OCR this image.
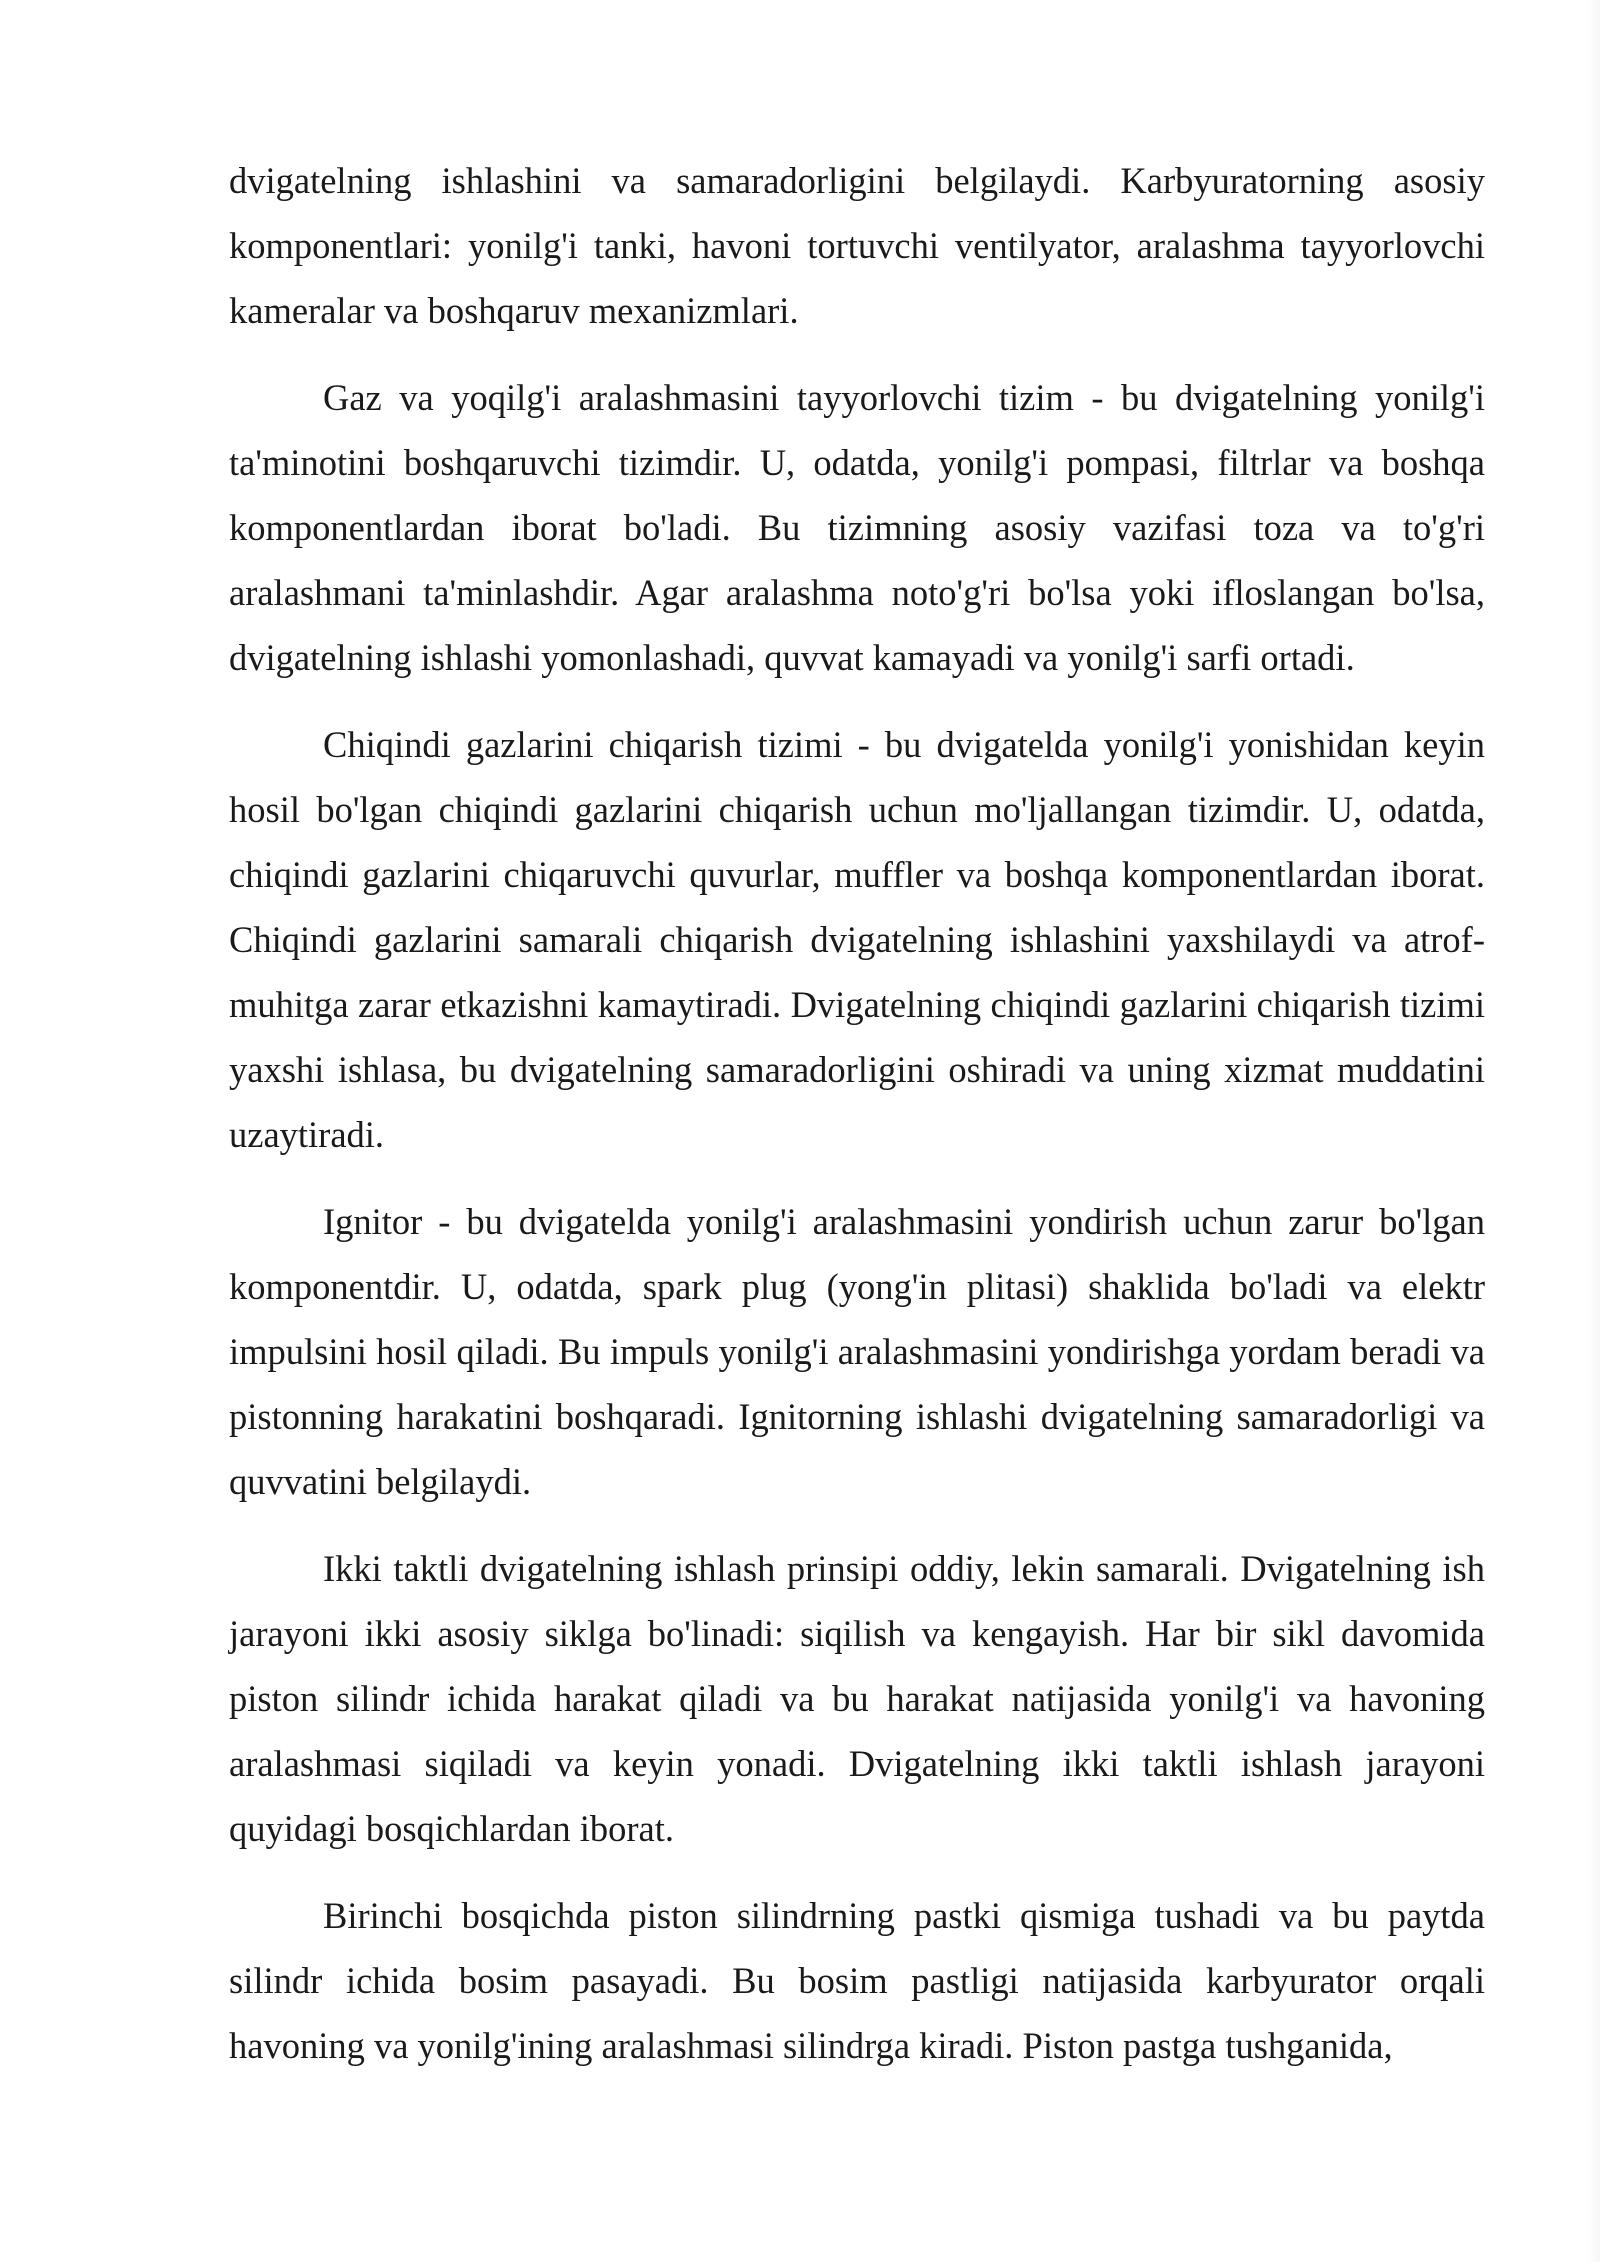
dvigatelning ishlashini va samaradorligini belgilaydi. Karbyuratorning asosiy komponentlari: yonilg'i tanki, havoni tortuvchi ventilyator, aralashma tayyorlovchi kameralar va boshqaruv mexanizmlari.

Gaz va yoqilg'i aralashmasini tayyorlovchi tizim - bu dvigatelning yonilg'i ta'minotini boshqaruvchi tizimdir. U, odatda, yonilg'i pompasi, filtrlar va boshqa komponentlardan iborat bo'ladi. Bu tizimning asosiy vazifasi toza va to'g'ri aralashmani ta'minlashdir. Agar aralashma noto'g'ri bo'lsa yoki ifloslangan bo'lsa, dvigatelning ishlashi yomonlashadi, quvvat kamayadi va yonilg'i sarfi ortadi.

Chiqindi gazlarini chiqarish tizimi - bu dvigatelda yonilg'i yonishidan keyin hosil bo'lgan chiqindi gazlarini chiqarish uchun mo'ljallangan tizimdir. U, odatda, chiqindi gazlarini chiqaruvchi quvurlar, muffler va boshqa komponentlardan iborat. Chiqindi gazlarini samarali chiqarish dvigatelning ishlashini yaxshilaydi va atrof-muhitga zarar etkazishni kamaytiradi. Dvigatelning chiqindi gazlarini chiqarish tizimi yaxshi ishlasa, bu dvigatelning samaradorligini oshiradi va uning xizmat muddatini uzaytiradi.

Ignitor - bu dvigatelda yonilg'i aralashmasini yondirish uchun zarur bo'lgan komponentdir. U, odatda, spark plug (yong'in plitasi) shaklida bo'ladi va elektr impulsini hosil qiladi. Bu impuls yonilg'i aralashmasini yondirishga yordam beradi va pistonning harakatini boshqaradi. Ignitorning ishlashi dvigatelning samaradorligi va quvvatini belgilaydi.

Ikki taktli dvigatelning ishlash prinsipi oddiy, lekin samarali. Dvigatelning ish jarayoni ikki asosiy siklga bo'linadi: siqilish va kengayish. Har bir sikl davomida piston silindr ichida harakat qiladi va bu harakat natijasida yonilg'i va havoning aralashmasi siqiladi va keyin yonadi. Dvigatelning ikki taktli ishlash jarayoni quyidagi bosqichlardan iborat.

Birinchi bosqichda piston silindrning pastki qismiga tushadi va bu paytda silindr ichida bosim pasayadi. Bu bosim pastligi natijasida karbyurator orqali havoning va yonilg'ining aralashmasi silindrga kiradi. Piston pastga tushganida,
